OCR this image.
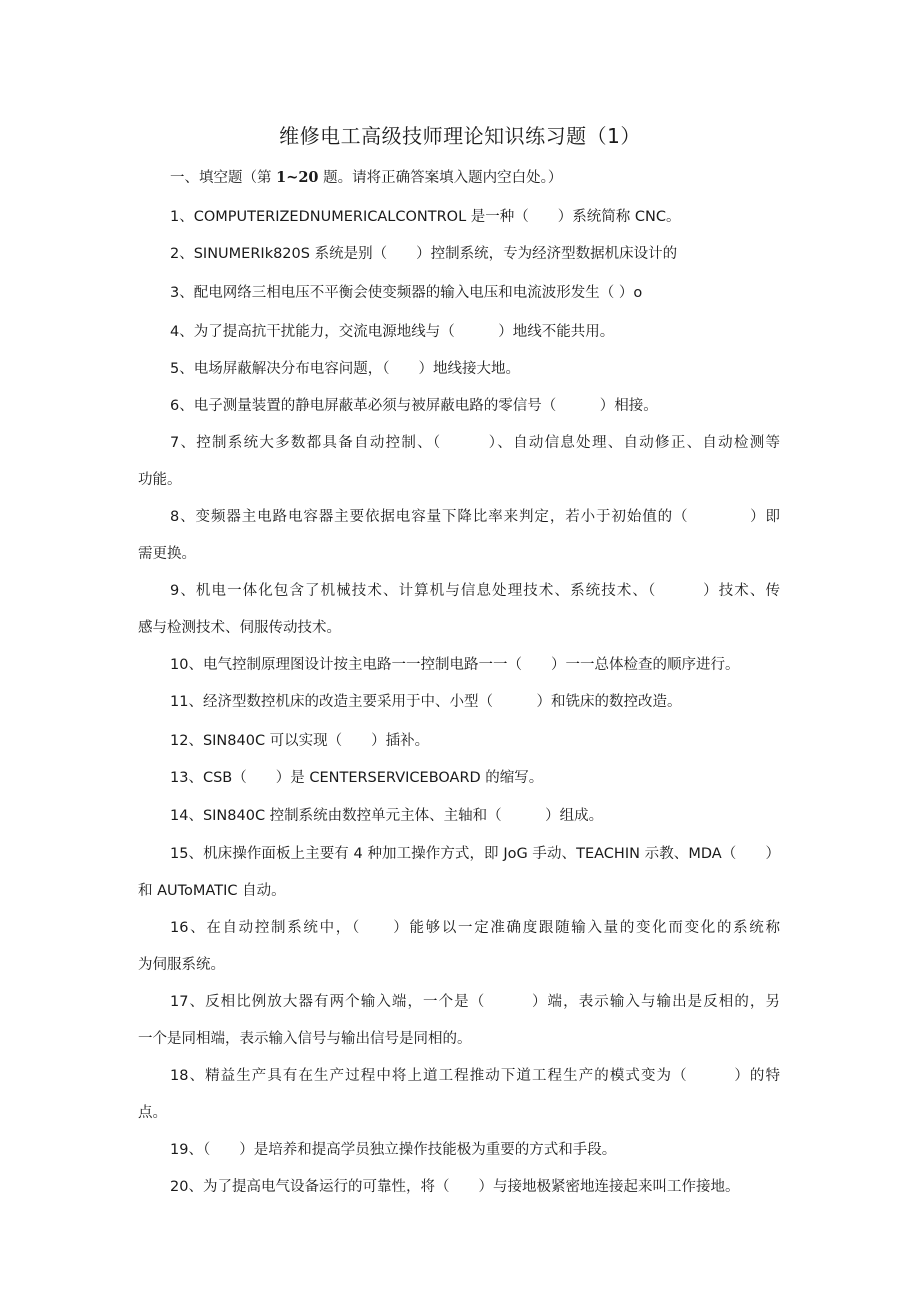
维修电工高级技师理论知识练习题（1）
一、填空题（第 1~20 题。请将正确答案填入题内空白处。）
1、COMPUTERIZEDNUMERICALCONTROL 是一种（　　）系统简称 CNC。
2、SINUMERIk820S 系统是别（　　）控制系统，专为经济型数据机床设计的
3、配电网络三相电压不平衡会使变频器的输入电压和电流波形发生（ ）o
4、为了提高抗干扰能力，交流电源地线与（　　　）地线不能共用。
5、电场屏蔽解决分布电容问题，（　　）地线接大地。
6、电子测量装置的静电屏蔽革必须与被屏蔽电路的零信号（　　　）相接。
7、控制系统大多数都具备自动控制、（　　　）、自动信息处理、自动修正、自动检测等
功能。
8、变频器主电路电容器主要依据电容量下降比率来判定，若小于初始值的（　　　　）即
需更换。
9、机电一体化包含了机械技术、计算机与信息处理技术、系统技术、（　　　）技术、传
感与检测技术、伺服传动技术。
10、电气控制原理图设计按主电路一一控制电路一一（　　）一一总体检查的顺序进行。
11、经济型数控机床的改造主要采用于中、小型（　　　）和铣床的数控改造。
12、SIN840C 可以实现（　　）插补。
13、CSB（　　）是 CENTERSERVICEBOARD 的缩写。
14、SIN840C 控制系统由数控单元主体、主轴和（　　　）组成。
15、机床操作面板上主要有 4 种加工操作方式，即 JoG 手动、TEACHIN 示教、MDA（　　）
和 AUToMATIC 自动。
16、在自动控制系统中，（　　）能够以一定准确度跟随输入量的变化而变化的系统称
为伺服系统。
17、反相比例放大器有两个输入端，一个是（　　　）端，表示输入与输出是反相的，另
一个是同相端，表示输入信号与输出信号是同相的。
18、精益生产具有在生产过程中将上道工程推动下道工程生产的模式变为（　　　）的特
点。
19、（　　）是培养和提高学员独立操作技能极为重要的方式和手段。
20、为了提高电气设备运行的可靠性，将（　　）与接地极紧密地连接起来叫工作接地。
